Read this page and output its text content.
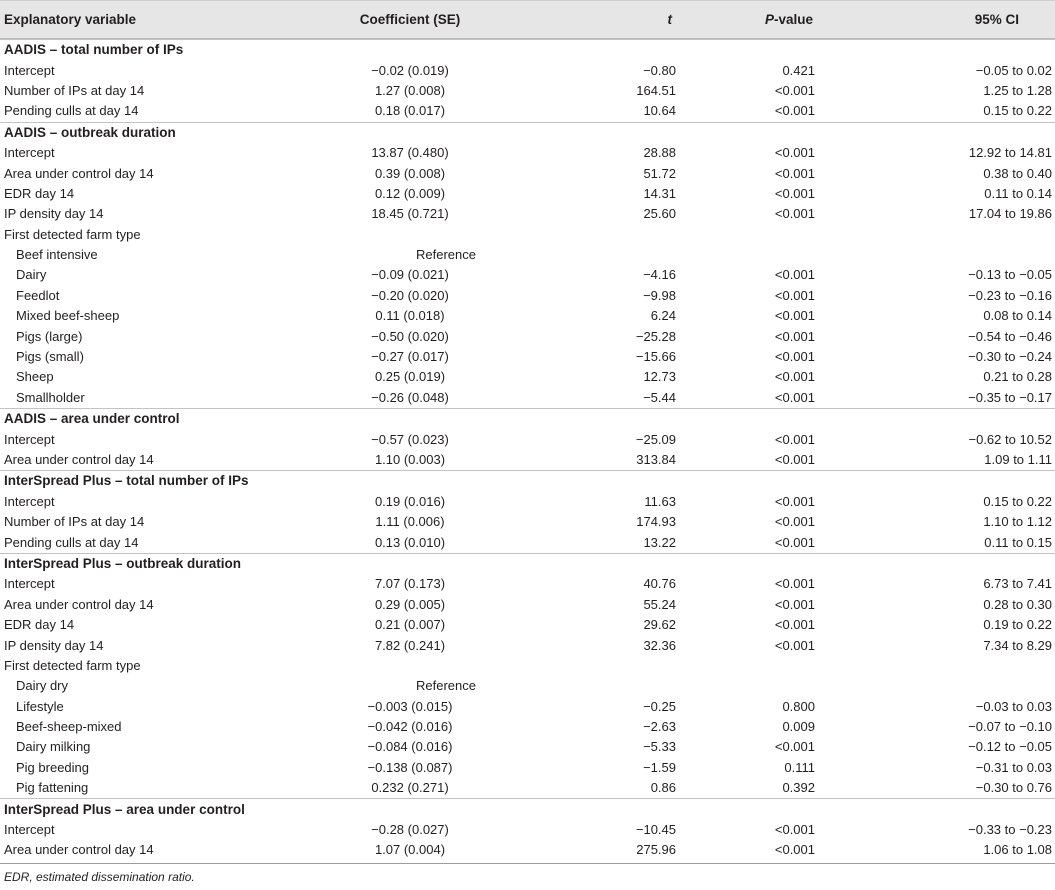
Explanatory variable	Coefficient (SE)	t	P-value	95% CI
AADIS – total number of IPs				
Intercept	−0.02 (0.019)	−0.80	0.421	−0.05 to 0.02
Number of IPs at day 14	1.27 (0.008)	164.51	<0.001	1.25 to 1.28
Pending culls at day 14	0.18 (0.017)	10.64	<0.001	0.15 to 0.22
AADIS – outbreak duration				
Intercept	13.87 (0.480)	28.88	<0.001	12.92 to 14.81
Area under control day 14	0.39 (0.008)	51.72	<0.001	0.38 to 0.40
EDR day 14	0.12 (0.009)	14.31	<0.001	0.11 to 0.14
IP density day 14	18.45 (0.721)	25.60	<0.001	17.04 to 19.86
First detected farm type				
Beef intensive	Reference			
Dairy	−0.09 (0.021)	−4.16	<0.001	−0.13 to −0.05
Feedlot	−0.20 (0.020)	−9.98	<0.001	−0.23 to −0.16
Mixed beef-sheep	0.11 (0.018)	6.24	<0.001	0.08 to 0.14
Pigs (large)	−0.50 (0.020)	−25.28	<0.001	−0.54 to −0.46
Pigs (small)	−0.27 (0.017)	−15.66	<0.001	−0.30 to −0.24
Sheep	0.25 (0.019)	12.73	<0.001	0.21 to 0.28
Smallholder	−0.26 (0.048)	−5.44	<0.001	−0.35 to −0.17
AADIS – area under control				
Intercept	−0.57 (0.023)	−25.09	<0.001	−0.62 to 10.52
Area under control day 14	1.10 (0.003)	313.84	<0.001	1.09 to 1.11
InterSpread Plus – total number of IPs				
Intercept	0.19 (0.016)	11.63	<0.001	0.15 to 0.22
Number of IPs at day 14	1.11 (0.006)	174.93	<0.001	1.10 to 1.12
Pending culls at day 14	0.13 (0.010)	13.22	<0.001	0.11 to 0.15
InterSpread Plus – outbreak duration				
Intercept	7.07 (0.173)	40.76	<0.001	6.73 to 7.41
Area under control day 14	0.29 (0.005)	55.24	<0.001	0.28 to 0.30
EDR day 14	0.21 (0.007)	29.62	<0.001	0.19 to 0.22
IP density day 14	7.82 (0.241)	32.36	<0.001	7.34 to 8.29
First detected farm type				
Dairy dry	Reference			
Lifestyle	−0.003 (0.015)	−0.25	0.800	−0.03 to 0.03
Beef-sheep-mixed	−0.042 (0.016)	−2.63	0.009	−0.07 to −0.10
Dairy milking	−0.084 (0.016)	−5.33	<0.001	−0.12 to −0.05
Pig breeding	−0.138 (0.087)	−1.59	0.111	−0.31 to 0.03
Pig fattening	0.232 (0.271)	0.86	0.392	−0.30 to 0.76
InterSpread Plus – area under control				
Intercept	−0.28 (0.027)	−10.45	<0.001	−0.33 to −0.23
Area under control day 14	1.07 (0.004)	275.96	<0.001	1.06 to 1.08
EDR, estimated dissemination ratio.
